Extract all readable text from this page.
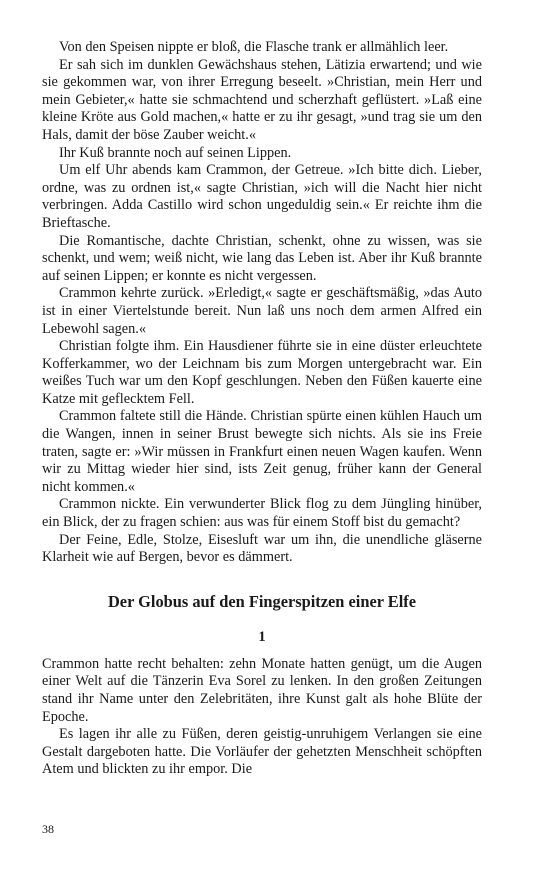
Von den Speisen nippte er bloß, die Flasche trank er allmählich leer.

Er sah sich im dunklen Gewächshaus stehen, Lätizia erwartend; und wie sie gekommen war, von ihrer Erregung beseelt. »Christian, mein Herr und mein Gebieter,« hatte sie schmachtend und scherzhaft geflüstert. »Laß eine kleine Kröte aus Gold machen,« hatte er zu ihr gesagt, »und trag sie um den Hals, damit der böse Zauber weicht.«

Ihr Kuß brannte noch auf seinen Lippen.

Um elf Uhr abends kam Crammon, der Getreue. »Ich bitte dich. Lieber, ordne, was zu ordnen ist,« sagte Christian, »ich will die Nacht hier nicht verbringen. Adda Castillo wird schon ungeduldig sein.« Er reichte ihm die Brieftasche.

Die Romantische, dachte Christian, schenkt, ohne zu wissen, was sie schenkt, und wem; weiß nicht, wie lang das Leben ist. Aber ihr Kuß brannte auf seinen Lippen; er konnte es nicht vergessen.

Crammon kehrte zurück. »Erledigt,« sagte er geschäftsmäßig, »das Auto ist in einer Viertelstunde bereit. Nun laß uns noch dem armen Alfred ein Lebewohl sagen.«

Christian folgte ihm. Ein Hausdiener führte sie in eine düster erleuchtete Kofferkammer, wo der Leichnam bis zum Morgen untergebracht war. Ein weißes Tuch war um den Kopf geschlungen. Neben den Füßen kauerte eine Katze mit geflecktem Fell.

Crammon faltete still die Hände. Christian spürte einen kühlen Hauch um die Wangen, innen in seiner Brust bewegte sich nichts. Als sie ins Freie traten, sagte er: »Wir müssen in Frankfurt einen neuen Wagen kaufen. Wenn wir zu Mittag wieder hier sind, ists Zeit genug, früher kann der General nicht kommen.«

Crammon nickte. Ein verwunderter Blick flog zu dem Jüngling hinüber, ein Blick, der zu fragen schien: aus was für einem Stoff bist du gemacht?

Der Feine, Edle, Stolze, Eisesluft war um ihn, die unendliche gläserne Klarheit wie auf Bergen, bevor es dämmert.

Der Globus auf den Fingerspitzen einer Elfe
1

Crammon hatte recht behalten: zehn Monate hatten genügt, um die Augen einer Welt auf die Tänzerin Eva Sorel zu lenken. In den großen Zeitungen stand ihr Name unter den Zelebritäten, ihre Kunst galt als hohe Blüte der Epoche.

Es lagen ihr alle zu Füßen, deren geistig-unruhigem Verlangen sie eine Gestalt dargeboten hatte. Die Vorläufer der gehetzten Menschheit schöpften Atem und blickten zu ihr empor. Die

38
